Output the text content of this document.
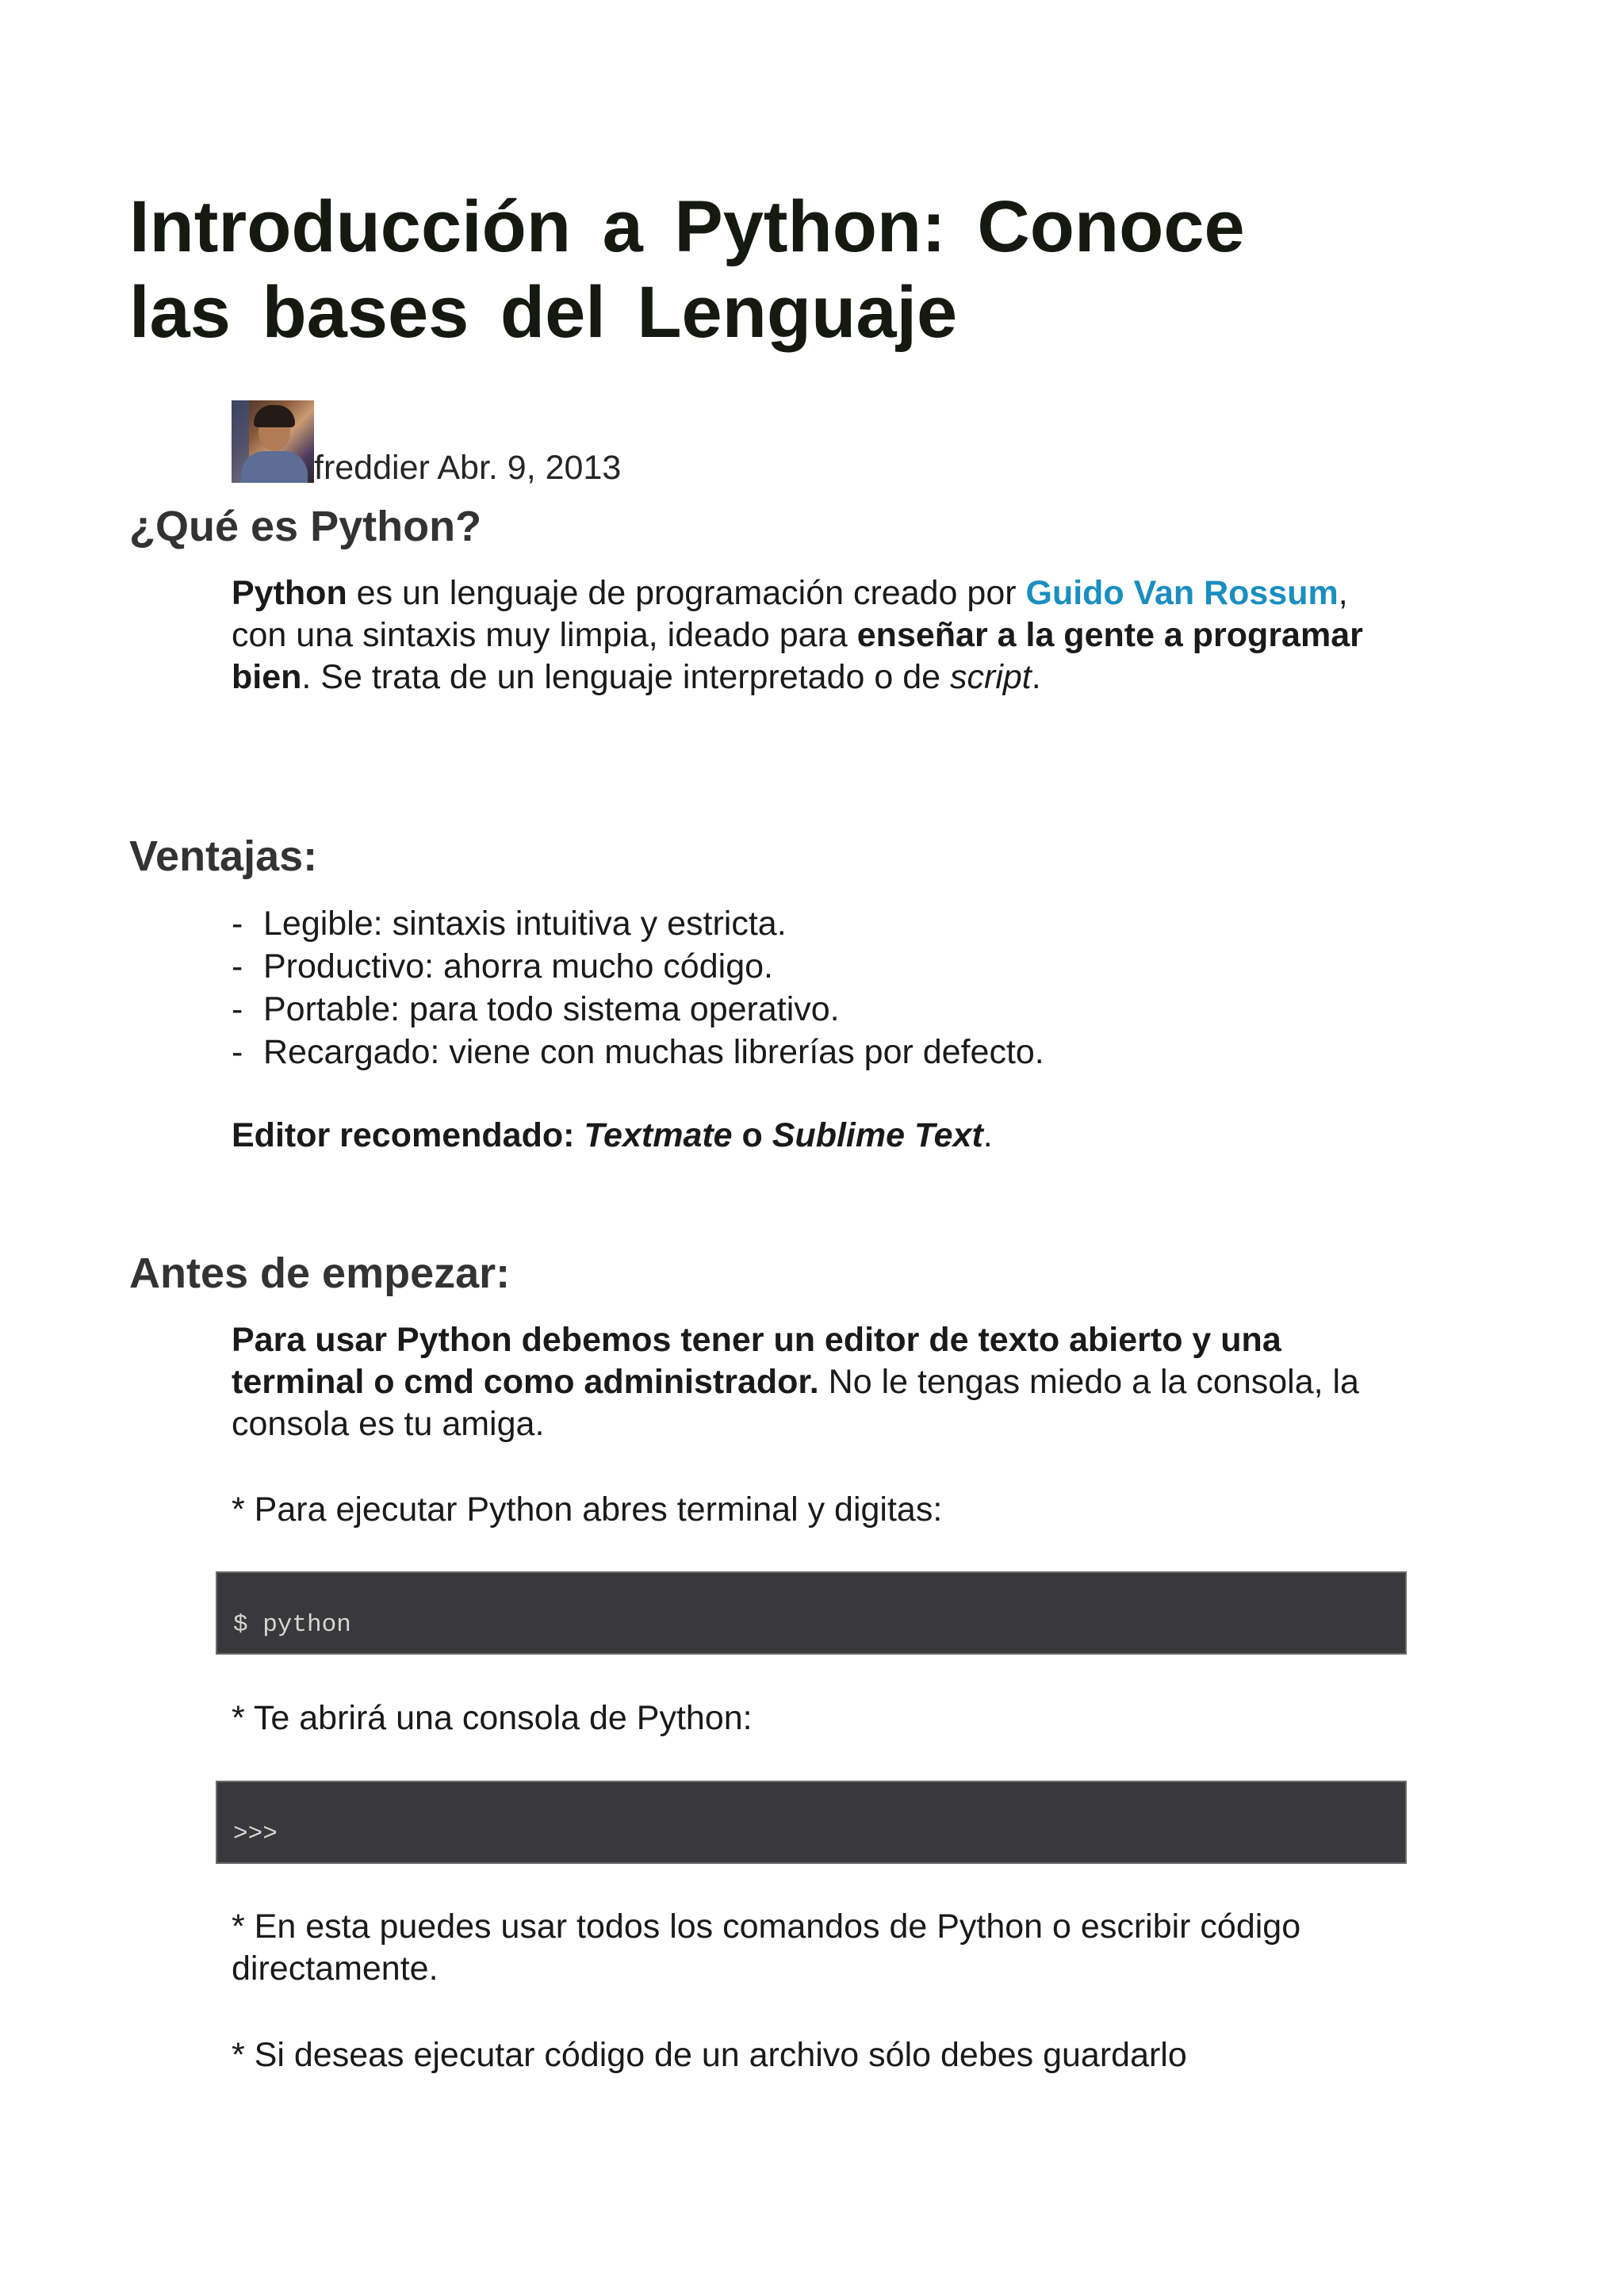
Introducción a Python: Conoce las bases del Lenguaje
freddier Abr. 9, 2013
¿Qué es Python?

Python es un lenguaje de programación creado por Guido Van Rossum, con una sintaxis muy limpia, ideado para enseñar a la gente a programar bien. Se trata de un lenguaje interpretado o de script.

Ventajas:
- Legible: sintaxis intuitiva y estricta.
- Productivo: ahorra mucho código.
- Portable: para todo sistema operativo.
- Recargado: viene con muchas librerías por defecto.

Editor recomendado: Textmate o Sublime Text.

Antes de empezar:

Para usar Python debemos tener un editor de texto abierto y una terminal o cmd como administrador. No le tengas miedo a la consola, la consola es tu amiga.

* Para ejecutar Python abres terminal y digitas:

$ python

* Te abrirá una consola de Python:

>>>

* En esta puedes usar todos los comandos de Python o escribir código directamente.

* Si deseas ejecutar código de un archivo sólo debes guardarlo
